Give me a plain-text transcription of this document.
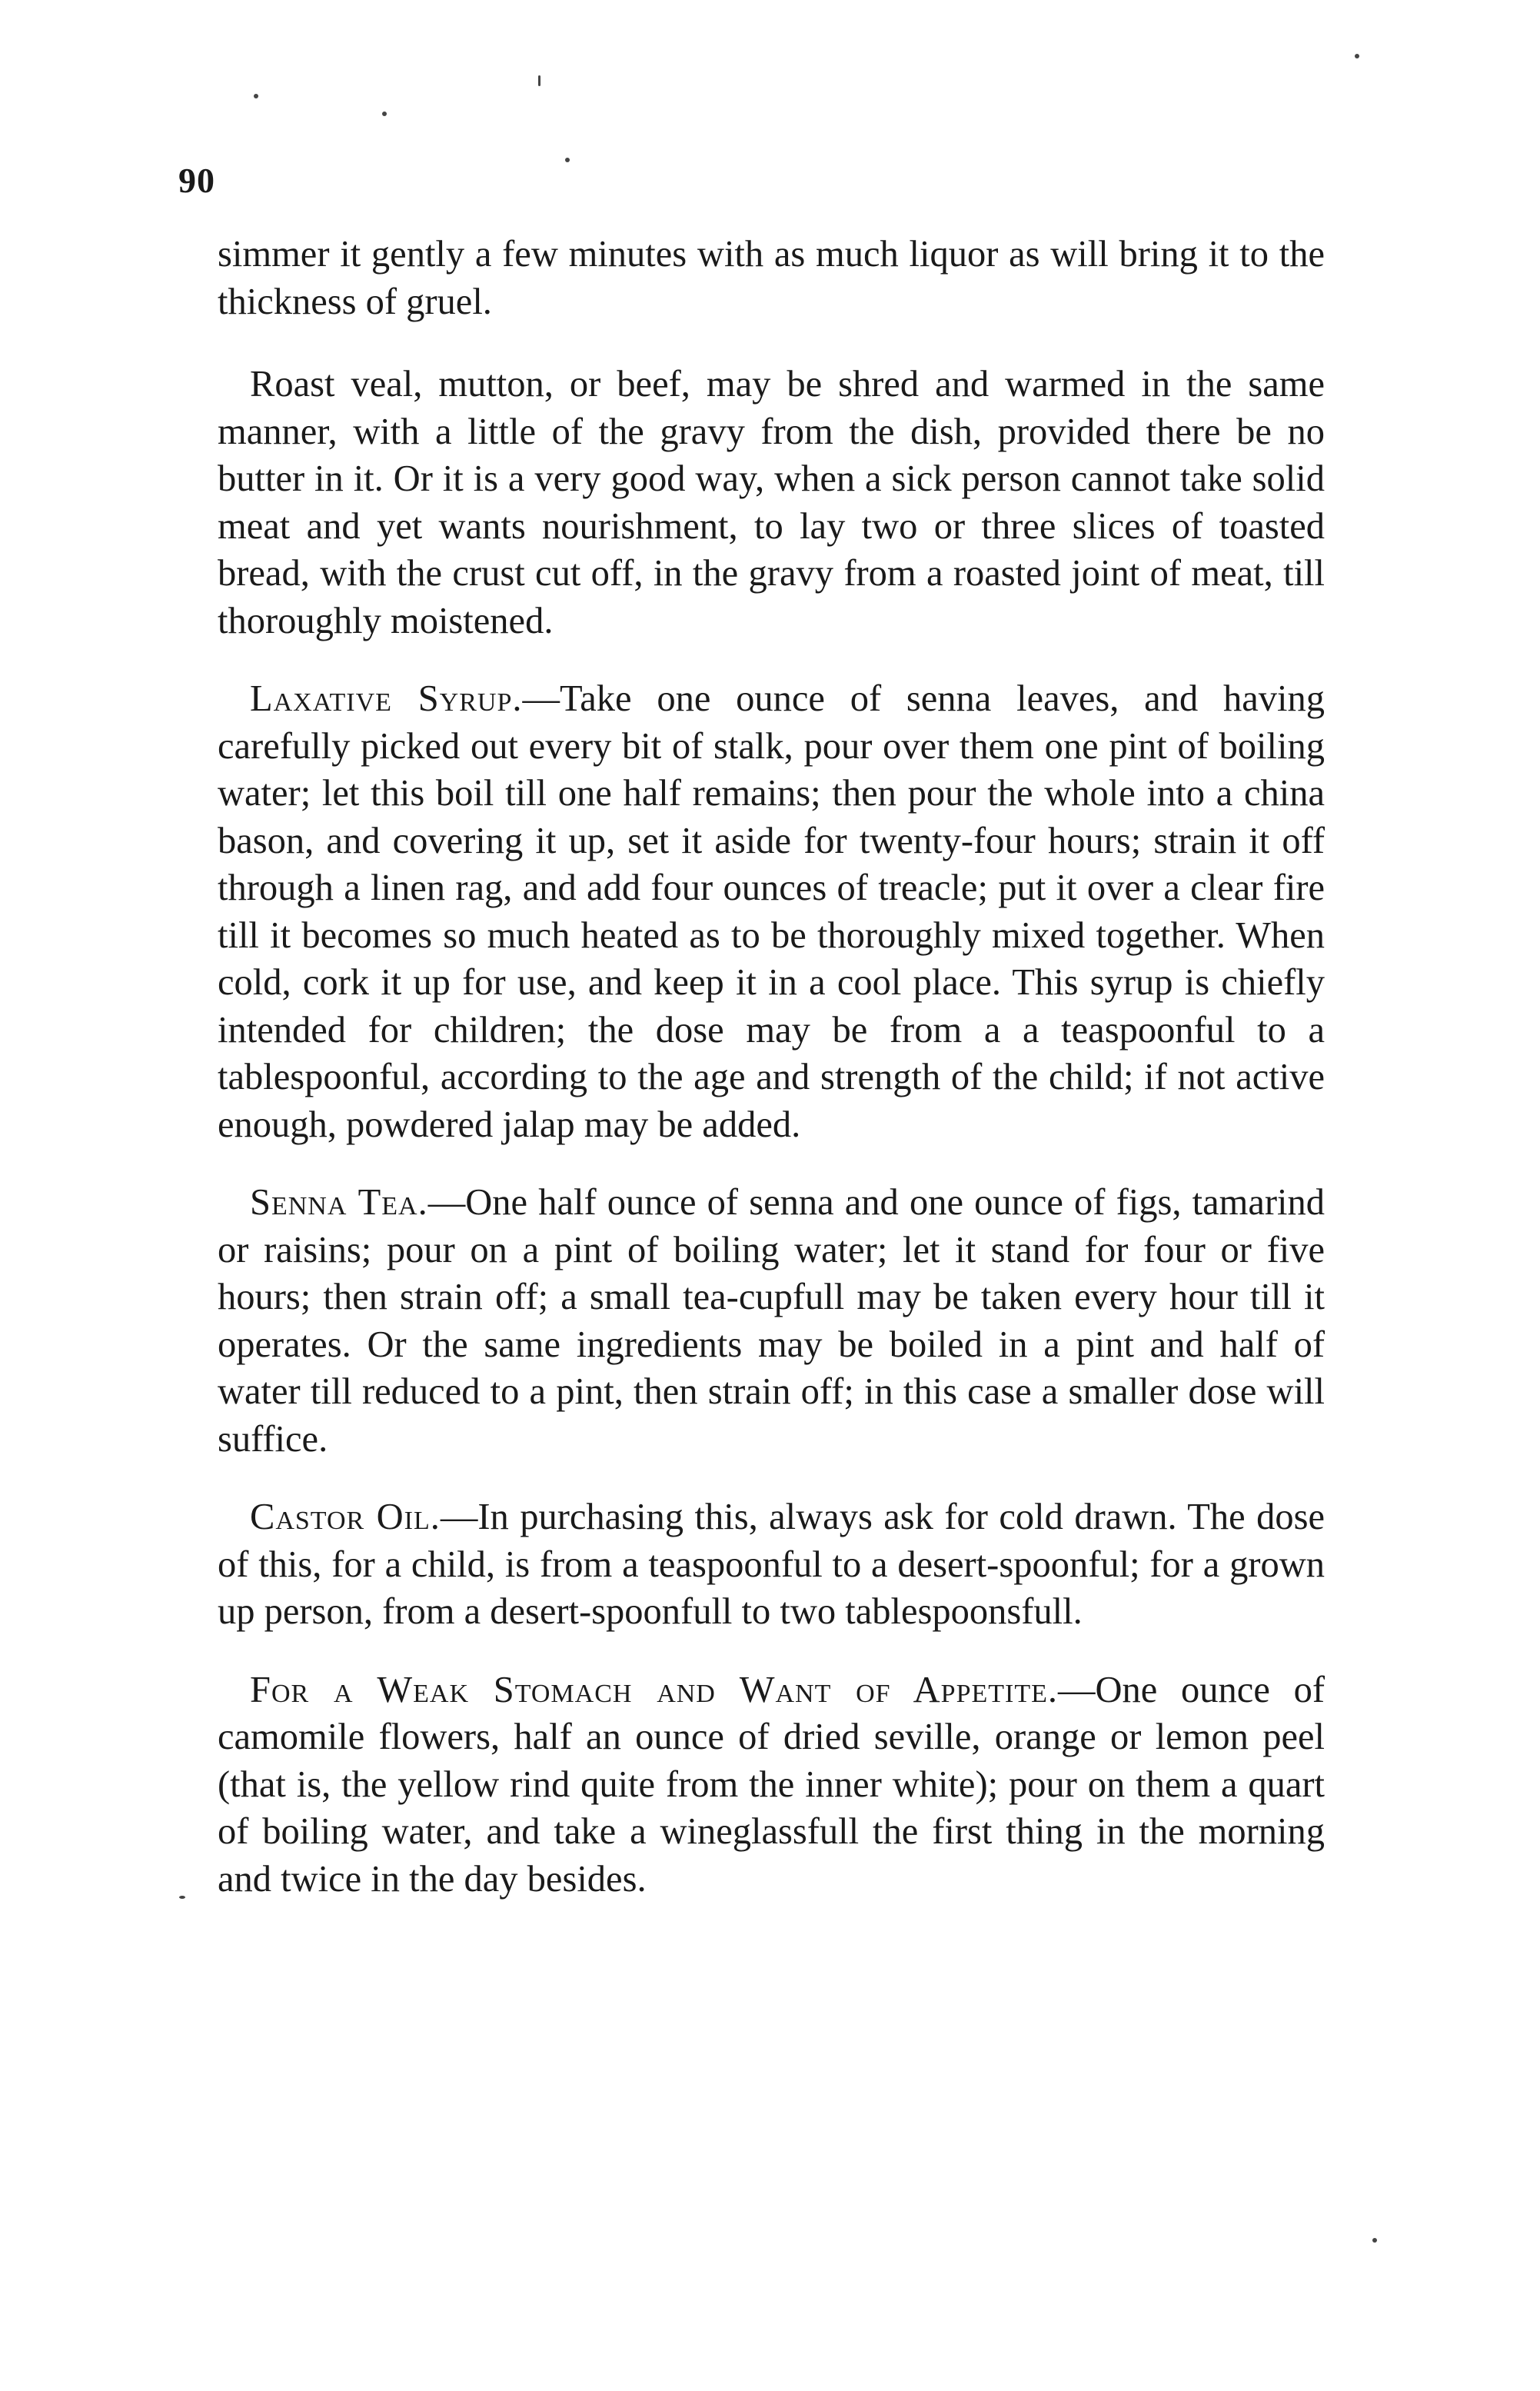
90

simmer it gently a few minutes with as much liquor as will bring it to the thickness of gruel.

Roast veal, mutton, or beef, may be shred and warmed in the same manner, with a little of the gravy from the dish, provided there be no butter in it. Or it is a very good way, when a sick person cannot take solid meat and yet wants nourishment, to lay two or three slices of toasted bread, with the crust cut off, in the gravy from a roasted joint of meat, till thoroughly moistened.

Laxative Syrup.—Take one ounce of senna leaves, and having carefully picked out every bit of stalk, pour over them one pint of boiling water; let this boil till one half remains; then pour the whole into a china bason, and covering it up, set it aside for twenty-four hours; strain it off through a linen rag, and add four ounces of treacle; put it over a clear fire till it becomes so much heated as to be thoroughly mixed together. When cold, cork it up for use, and keep it in a cool place. This syrup is chiefly intended for children; the dose may be from a a teaspoonful to a tablespoonful, according to the age and strength of the child; if not active enough, powdered jalap may be added.

Senna Tea.—One half ounce of senna and one ounce of figs, tamarind or raisins; pour on a pint of boiling water; let it stand for four or five hours; then strain off; a small tea-cupfull may be taken every hour till it operates. Or the same ingredients may be boiled in a pint and half of water till reduced to a pint, then strain off; in this case a smaller dose will suffice.

Castor Oil.—In purchasing this, always ask for cold drawn. The dose of this, for a child, is from a teaspoonful to a desert-spoonful; for a grown up person, from a desert-spoonfull to two tablespoonsfull.

For a Weak Stomach and Want of Appetite.—One ounce of camomile flowers, half an ounce of dried seville, orange or lemon peel (that is, the yellow rind quite from the inner white); pour on them a quart of boiling water, and take a wineglassfull the first thing in the morning and twice in the day besides.
